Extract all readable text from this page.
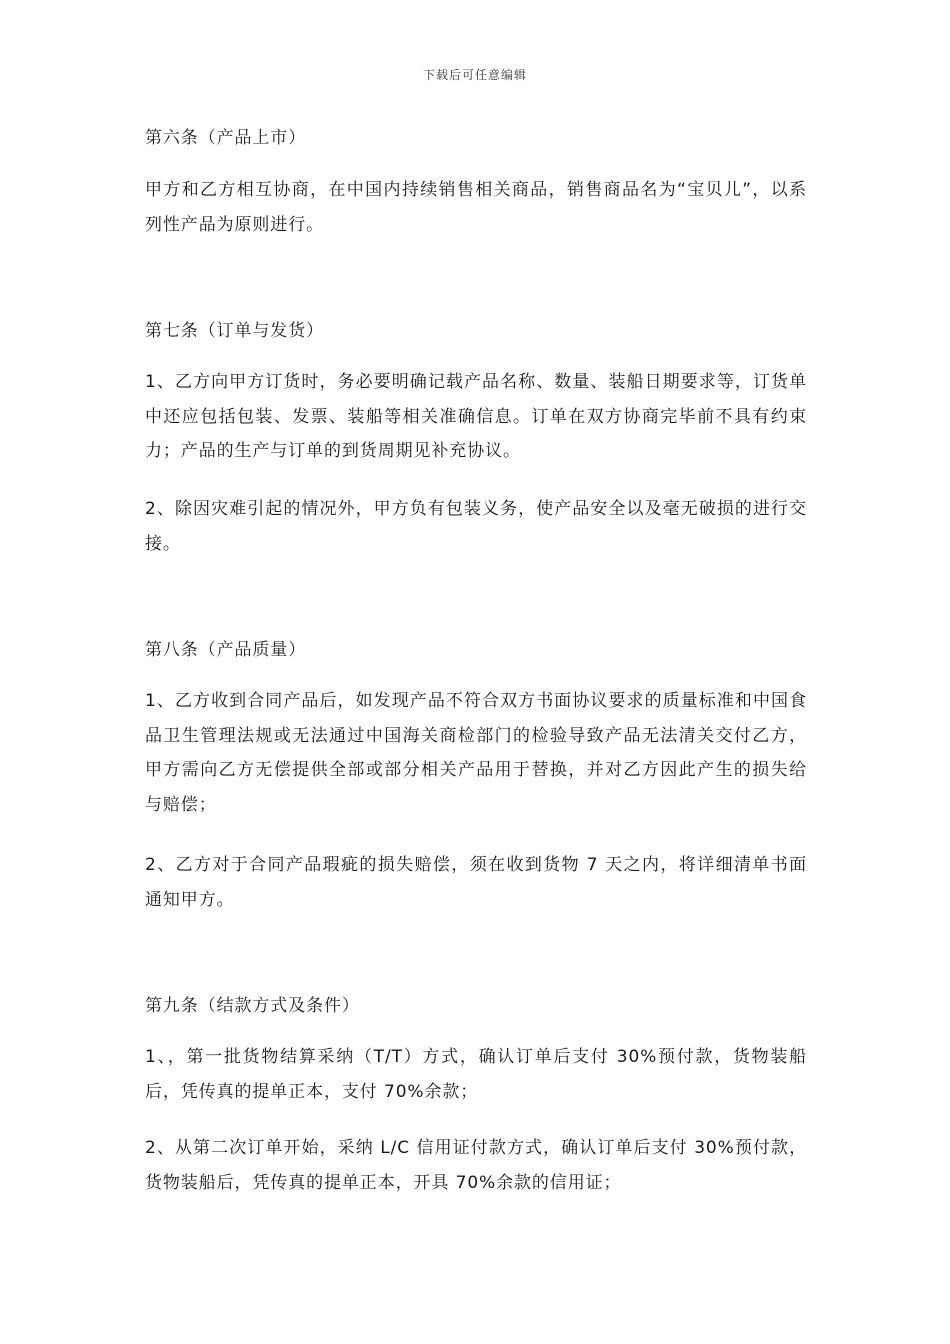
下载后可任意编辑

第六条（产品上市）

甲方和乙方相互协商，在中国内持续销售相关商品，销售商品名为“宝贝儿”，以系列性产品为原则进行。

第七条（订单与发货）

1、乙方向甲方订货时，务必要明确记载产品名称、数量、装船日期要求等，订货单中还应包括包装、发票、装船等相关准确信息。订单在双方协商完毕前不具有约束力；产品的生产与订单的到货周期见补充协议。

2、除因灾难引起的情况外，甲方负有包装义务，使产品安全以及毫无破损的进行交接。

第八条（产品质量）

1、乙方收到合同产品后，如发现产品不符合双方书面协议要求的质量标准和中国食品卫生管理法规或无法通过中国海关商检部门的检验导致产品无法清关交付乙方，甲方需向乙方无偿提供全部或部分相关产品用于替换，并对乙方因此产生的损失给与赔偿；

2、乙方对于合同产品瑕疵的损失赔偿，须在收到货物 7 天之内，将详细清单书面通知甲方。

第九条（结款方式及条件）

1、，第一批货物结算采纳（T/T）方式，确认订单后支付 30%预付款，货物装船后，凭传真的提单正本，支付 70%余款；

2、从第二次订单开始，采纳 L/C 信用证付款方式，确认订单后支付 30%预付款，货物装船后，凭传真的提单正本，开具 70%余款的信用证；
